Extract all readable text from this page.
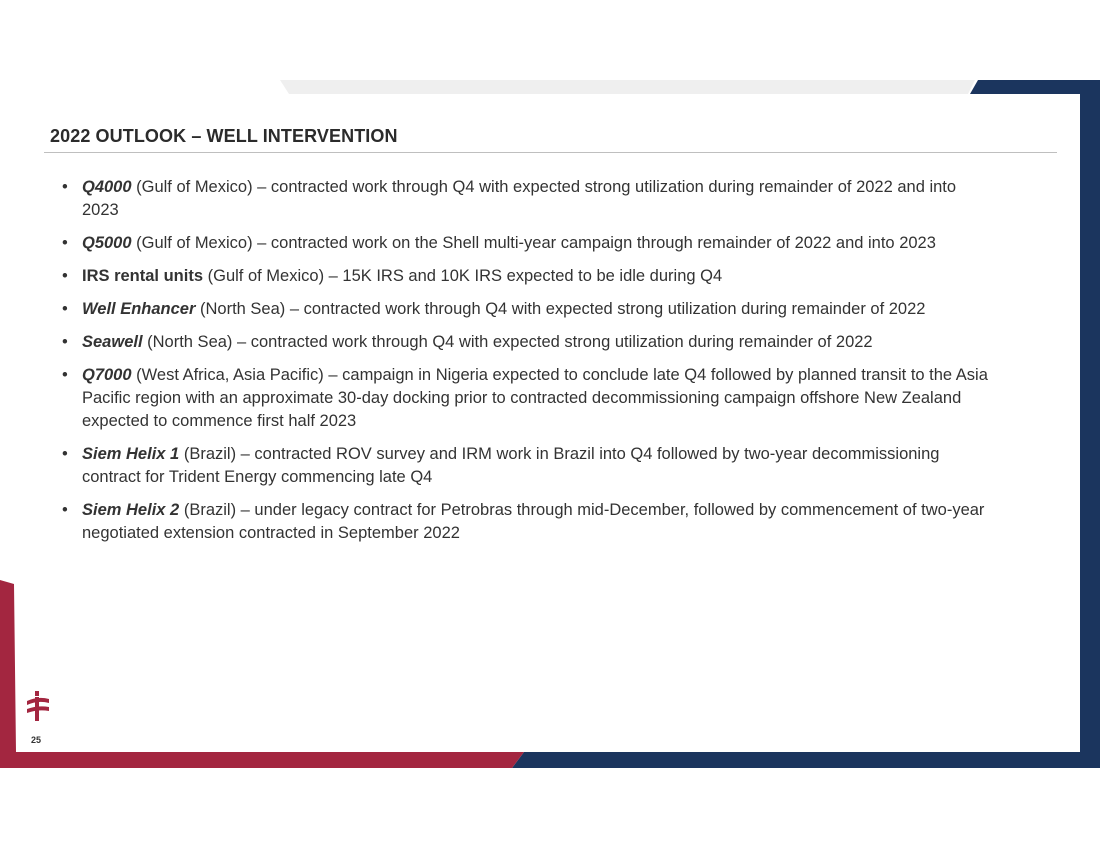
2022 OUTLOOK – WELL INTERVENTION
• Q4000 (Gulf of Mexico) – contracted work through Q4 with expected strong utilization during remainder of 2022 and into 2023
• Q5000 (Gulf of Mexico) – contracted work on the Shell multi-year campaign through remainder of 2022 and into 2023
• IRS rental units (Gulf of Mexico) – 15K IRS and 10K IRS expected to be idle during Q4
• Well Enhancer (North Sea) – contracted work through Q4 with expected strong utilization during remainder of 2022
• Seawell (North Sea) – contracted work through Q4 with expected strong utilization during remainder of 2022
• Q7000 (West Africa, Asia Pacific) – campaign in Nigeria expected to conclude late Q4 followed by planned transit to the Asia Pacific region with an approximate 30-day docking prior to contracted decommissioning campaign offshore New Zealand expected to commence first half 2023
• Siem Helix 1 (Brazil) – contracted ROV survey and IRM work in Brazil into Q4 followed by two-year decommissioning contract for Trident Energy commencing late Q4
• Siem Helix 2 (Brazil) – under legacy contract for Petrobras through mid-December, followed by commencement of two-year negotiated extension contracted in September 2022
25
